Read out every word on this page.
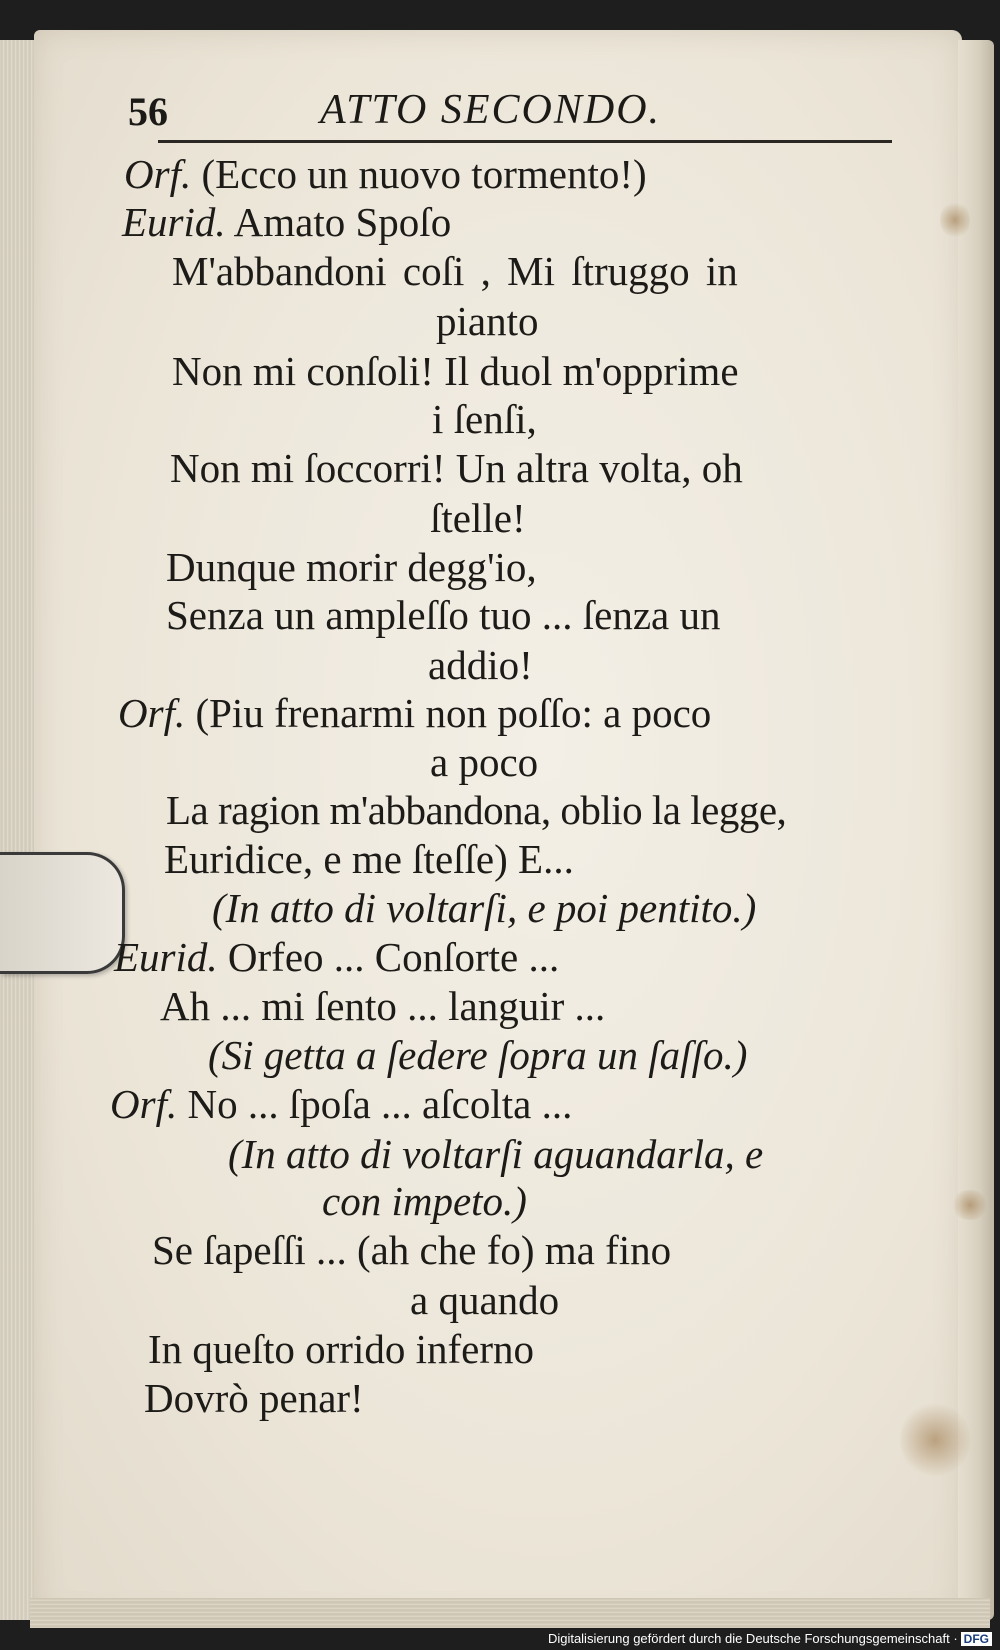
56	ATTO SECONDO.
Orf. (Ecco un nuovo tormento!)
Eurid. Amato Spoſo
M'abbandoni coſi , Mi ſtruggo in
pianto
Non mi conſoli! Il duol m'opprime
i ſenſi,
Non mi ſoccorri! Un altra volta, oh
ſtelle!
Dunque morir degg'io,
Senza un ampleſſo tuo ... ſenza un
addio!
Orf. (Piu frenarmi non poſſo: a poco
a poco
La ragion m'abbandona, oblio la legge,
Euridice, e me ſteſſe) E...
(In atto di voltarſi, e poi pentito.)
Eurid. Orfeo ... Conſorte ...
Ah ... mi ſento ... languir ...
(Si getta a ſedere ſopra un ſaſſo.)
Orf. No ... ſpoſa ... aſcolta ...
(In atto di voltarſi aguandarla, e
con impeto.)
Se ſapeſſi ... (ah che fo) ma fino
a quando
In queſto orrido inferno
Dovrò penar!
Digitalisierung gefördert durch die Deutsche Forschungsgemeinschaft · DFG
